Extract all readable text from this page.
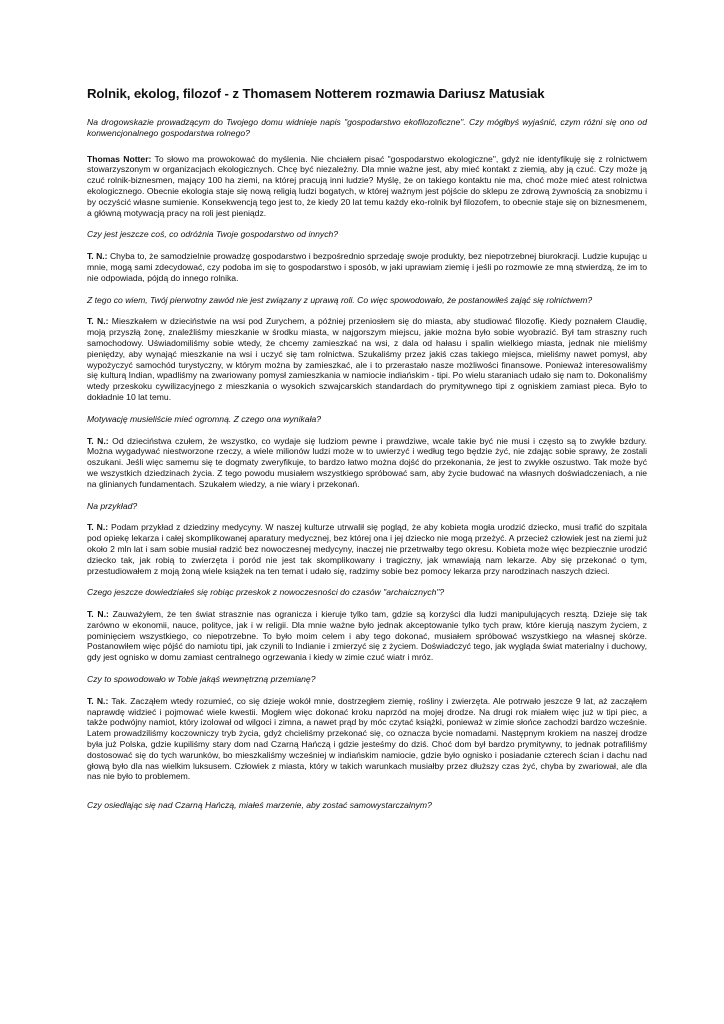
Rolnik, ekolog, filozof - z Thomasem Notterem rozmawia Dariusz Matusiak

Na drogowskazie prowadzącym do Twojego domu widnieje napis "gospodarstwo ekofilozoficzne". Czy mógłbyś wyjaśnić, czym różni się ono od konwencjonalnego gospodarstwa rolnego?

Thomas Notter: To słowo ma prowokować do myślenia. Nie chciałem pisać "gospodarstwo ekologiczne", gdyż nie identyfikuję się z rolnictwem stowarzyszonym w organizacjach ekologicznych. Chcę być niezależny. Dla mnie ważne jest, aby mieć kontakt z ziemią, aby ją czuć. Czy może ją czuć rolnik-biznesmen, mający 100 ha ziemi, na której pracują inni ludzie? Myślę, że on takiego kontaktu nie ma, choć może mieć atest rolnictwa ekologicznego. Obecnie ekologia staje się nową religią ludzi bogatych, w której ważnym jest pójście do sklepu ze zdrową żywnością za snobizmu i by oczyścić własne sumienie. Konsekwencją tego jest to, że kiedy 20 lat temu każdy eko-rolnik był filozofem, to obecnie staje się on biznesmenem, a główną motywacją pracy na roli jest pieniądz.

Czy jest jeszcze coś, co odróżnia Twoje gospodarstwo od innych?

T. N.: Chyba to, że samodzielnie prowadzę gospodarstwo i bezpośrednio sprzedaję swoje produkty, bez niepotrzebnej biurokracji. Ludzie kupując u mnie, mogą sami zdecydować, czy podoba im się to gospodarstwo i sposób, w jaki uprawiam ziemię i jeśli po rozmowie ze mną stwierdzą, że im to nie odpowiada, pójdą do innego rolnika.

Z tego co wiem, Twój pierwotny zawód nie jest związany z uprawą roli. Co więc spowodowało, że postanowiłeś zająć się rolnictwem?

T. N.: Mieszkałem w dzieciństwie na wsi pod Zurychem, a później przeniosłem się do miasta, aby studiować filozofię. Kiedy poznałem Claudię, moją przyszłą żonę, znaleźliśmy mieszkanie w środku miasta, w najgorszym miejscu, jakie można było sobie wyobrazić. Był tam straszny ruch samochodowy. Uświadomiliśmy sobie wtedy, że chcemy zamieszkać na wsi, z dala od hałasu i spalin wielkiego miasta, jednak nie mieliśmy pieniędzy, aby wynająć mieszkanie na wsi i uczyć się tam rolnictwa. Szukaliśmy przez jakiś czas takiego miejsca, mieliśmy nawet pomysł, aby wypożyczyć samochód turystyczny, w którym można by zamieszkać, ale i to przerastało nasze możliwości finansowe. Ponieważ interesowaliśmy się kulturą Indian, wpadliśmy na zwariowany pomysł zamieszkania w namiocie indiańskim - tipi. Po wielu staraniach udało się nam to. Dokonaliśmy wtedy przeskoku cywilizacyjnego z mieszkania o wysokich szwajcarskich standardach do prymitywnego tipi z ogniskiem zamiast pieca. Było to dokładnie 10 lat temu.

Motywację musieliście mieć ogromną. Z czego ona wynikała?

T. N.: Od dzieciństwa czułem, że wszystko, co wydaje się ludziom pewne i prawdziwe, wcale takie być nie musi i często są to zwykłe bzdury. Można wygadywać niestworzone rzeczy, a wiele milionów ludzi może w to uwierzyć i według tego będzie żyć, nie zdając sobie sprawy, że zostali oszukani. Jeśli więc samemu się te dogmaty zweryfikuje, to bardzo łatwo można dojść do przekonania, że jest to zwykłe oszustwo. Tak może być we wszystkich dziedzinach życia. Z tego powodu musiałem wszystkiego spróbować sam, aby życie budować na własnych doświadczeniach, a nie na glinianych fundamentach. Szukałem wiedzy, a nie wiary i przekonań.

Na przykład?

T. N.: Podam przykład z dziedziny medycyny. W naszej kulturze utrwalił się pogląd, że aby kobieta mogła urodzić dziecko, musi trafić do szpitala pod opiekę lekarza i całej skomplikowanej aparatury medycznej, bez której ona i jej dziecko nie mogą przeżyć. A przecież człowiek jest na ziemi już około 2 mln lat i sam sobie musiał radzić bez nowoczesnej medycyny, inaczej nie przetrwałby tego okresu. Kobieta może więc bezpiecznie urodzić dziecko tak, jak robią to zwierzęta i poród nie jest tak skomplikowany i tragiczny, jak wmawiają nam lekarze. Aby się przekonać o tym, przestudiowałem z moją żoną wiele książek na ten temat i udało się, radzimy sobie bez pomocy lekarza przy narodzinach naszych dzieci.

Czego jeszcze dowiedziałeś się robiąc przeskok z nowoczesności do czasów "archaicznych"?

T. N.: Zauważyłem, że ten świat strasznie nas ogranicza i kieruje tylko tam, gdzie są korzyści dla ludzi manipulujących resztą. Dzieje się tak zarówno w ekonomii, nauce, polityce, jak i w religii. Dla mnie ważne było jednak akceptowanie tylko tych praw, które kierują naszym życiem, z pominięciem wszystkiego, co niepotrzebne. To było moim celem i aby tego dokonać, musiałem spróbować wszystkiego na własnej skórze. Postanowiłem więc pójść do namiotu tipi, jak czynili to Indianie i zmierzyć się z życiem. Doświadczyć tego, jak wygląda świat materialny i duchowy, gdy jest ognisko w domu zamiast centralnego ogrzewania i kiedy w zimie czuć wiatr i mróz.

Czy to spowodowało w Tobie jakąś wewnętrzną przemianę?

T. N.: Tak. Zacząłem wtedy rozumieć, co się dzieje wokół mnie, dostrzegłem ziemię, rośliny i zwierzęta. Ale potrwało jeszcze 9 lat, aż zacząłem naprawdę widzieć i pojmować wiele kwestii. Mogłem więc dokonać kroku naprzód na mojej drodze. Na drugi rok miałem więc już w tipi piec, a także podwójny namiot, który izolował od wilgoci i zimna, a nawet prąd by móc czytać książki, ponieważ w zimie słońce zachodzi bardzo wcześnie. Latem prowadziliśmy koczowniczy tryb życia, gdyż chcieliśmy przekonać się, co oznacza bycie nomadami. Następnym krokiem na naszej drodze była już Polska, gdzie kupiliśmy stary dom nad Czarną Hańczą i gdzie jesteśmy do dziś. Choć dom był bardzo prymitywny, to jednak potrafiliśmy dostosować się do tych warunków, bo mieszkaliśmy wcześniej w indiańskim namiocie, gdzie było ognisko i posiadanie czterech ścian i dachu nad głową było dla nas wielkim luksusem. Człowiek z miasta, który w takich warunkach musiałby przez dłuższy czas żyć, chyba by zwariował, ale dla nas nie było to problemem.

Czy osiedlając się nad Czarną Hańczą, miałeś marzenie, aby zostać samowystarczalnym?
